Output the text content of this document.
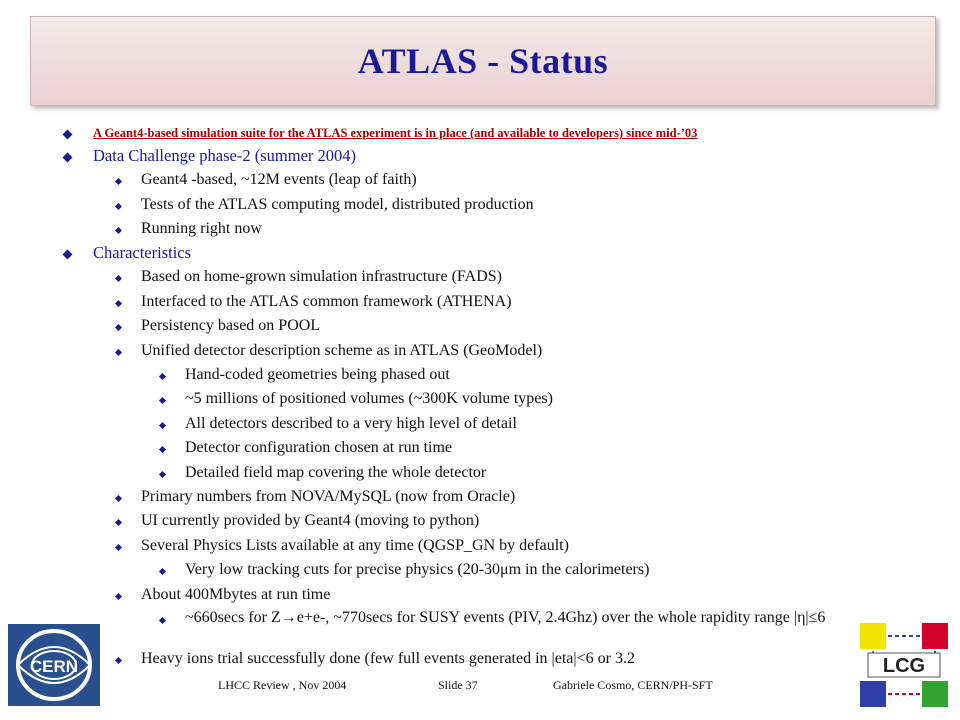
ATLAS - Status
A Geant4-based simulation suite for the ATLAS experiment is in place (and available to developers) since mid-’03
Data Challenge phase-2 (summer 2004)
Geant4 -based, ~12M events (leap of faith)
Tests of the ATLAS computing model, distributed production
Running right now
Characteristics
Based on home-grown simulation infrastructure (FADS)
Interfaced to the ATLAS common framework (ATHENA)
Persistency based on POOL
Unified detector description scheme as in ATLAS (GeoModel)
Hand-coded geometries being phased out
~5 millions of positioned volumes (~300K volume types)
All detectors described to a very high level of detail
Detector configuration chosen at run time
Detailed field map covering the whole detector
Primary numbers from NOVA/MySQL (now from Oracle)
UI currently provided by Geant4 (moving to python)
Several Physics Lists available at any time (QGSP_GN by default)
Very low tracking cuts for precise physics (20-30μm in the calorimeters)
About 400Mbytes at run time
~660secs for Z→e+e-, ~770secs for SUSY events (PIV, 2.4Ghz) over the whole rapidity range |η|≤6
Heavy ions trial successfully done (few full events generated in |eta|<6 or 3.2
CERN	LCG
LHCC Review , Nov 2004	Slide 37	Gabriele Cosmo, CERN/PH-SFT
